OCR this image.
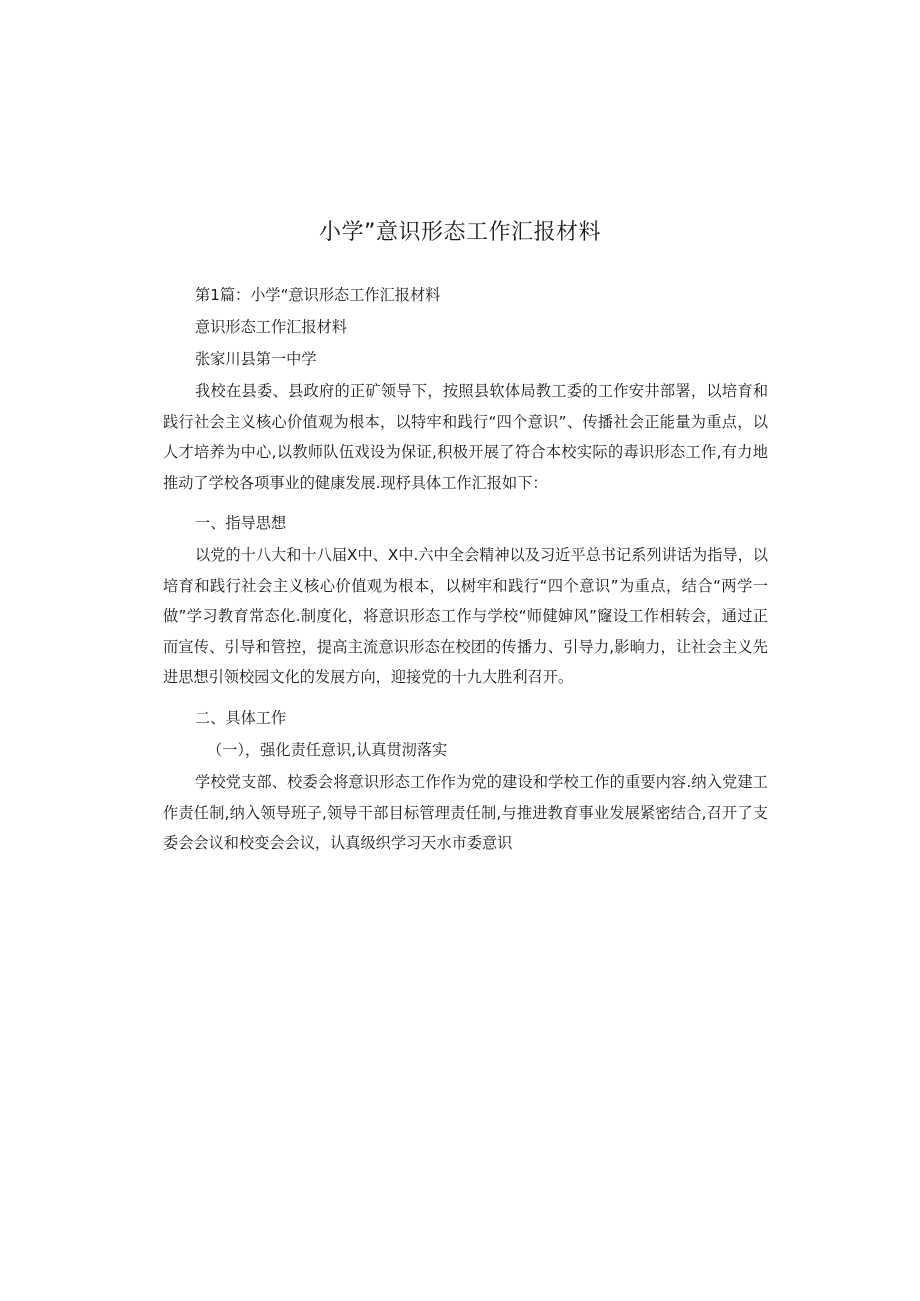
小学”意识形态工作汇报材料
第1篇：小学“意识形态工作汇报材料
意识形态工作汇报材料
张家川县第一中学
我校在县委、县政府的正矿领导下，按照县软体局教工委的工作安井部署，以培育和践行社会主义核心价值观为根本，以特牢和践行“四个意识”、传播社会正能量为重点，以人才培养为中心,以教师队伍戏设为保证,积极开展了符合本校实际的毒识形态工作,有力地推动了学校各项事业的健康发展.现杼具体工作汇报如下：
一、指导思想
以党的十八大和十八届X中、X中.六中全会精神以及习近平总书记系列讲话为指导，以培育和践行社会主义核心价值观为根本，以树牢和践行“四个意识”为重点，结合“两学一做”学习教育常态化.制度化，将意识形态工作与学校“师健婶风”窿设工作相转会，通过正而宣传、引导和管控，提高主流意识形态在校团的传播力、引导力,影晌力，让社会主义先进思想引领校园文化的发展方向，迎接党的十九大胜利召开。
二、具体工作
（一），强化责任意识,认真贯沏落实
学校党支部、校委会将意识形态工作作为党的建设和学校工作的重要内容.纳入党建工作责任制,纳入领导班子,领导干部目标管理责任制,与推进教育事业发展紧密结合,召开了支委会会议和校变会会议，认真级织学习天水市委意识
